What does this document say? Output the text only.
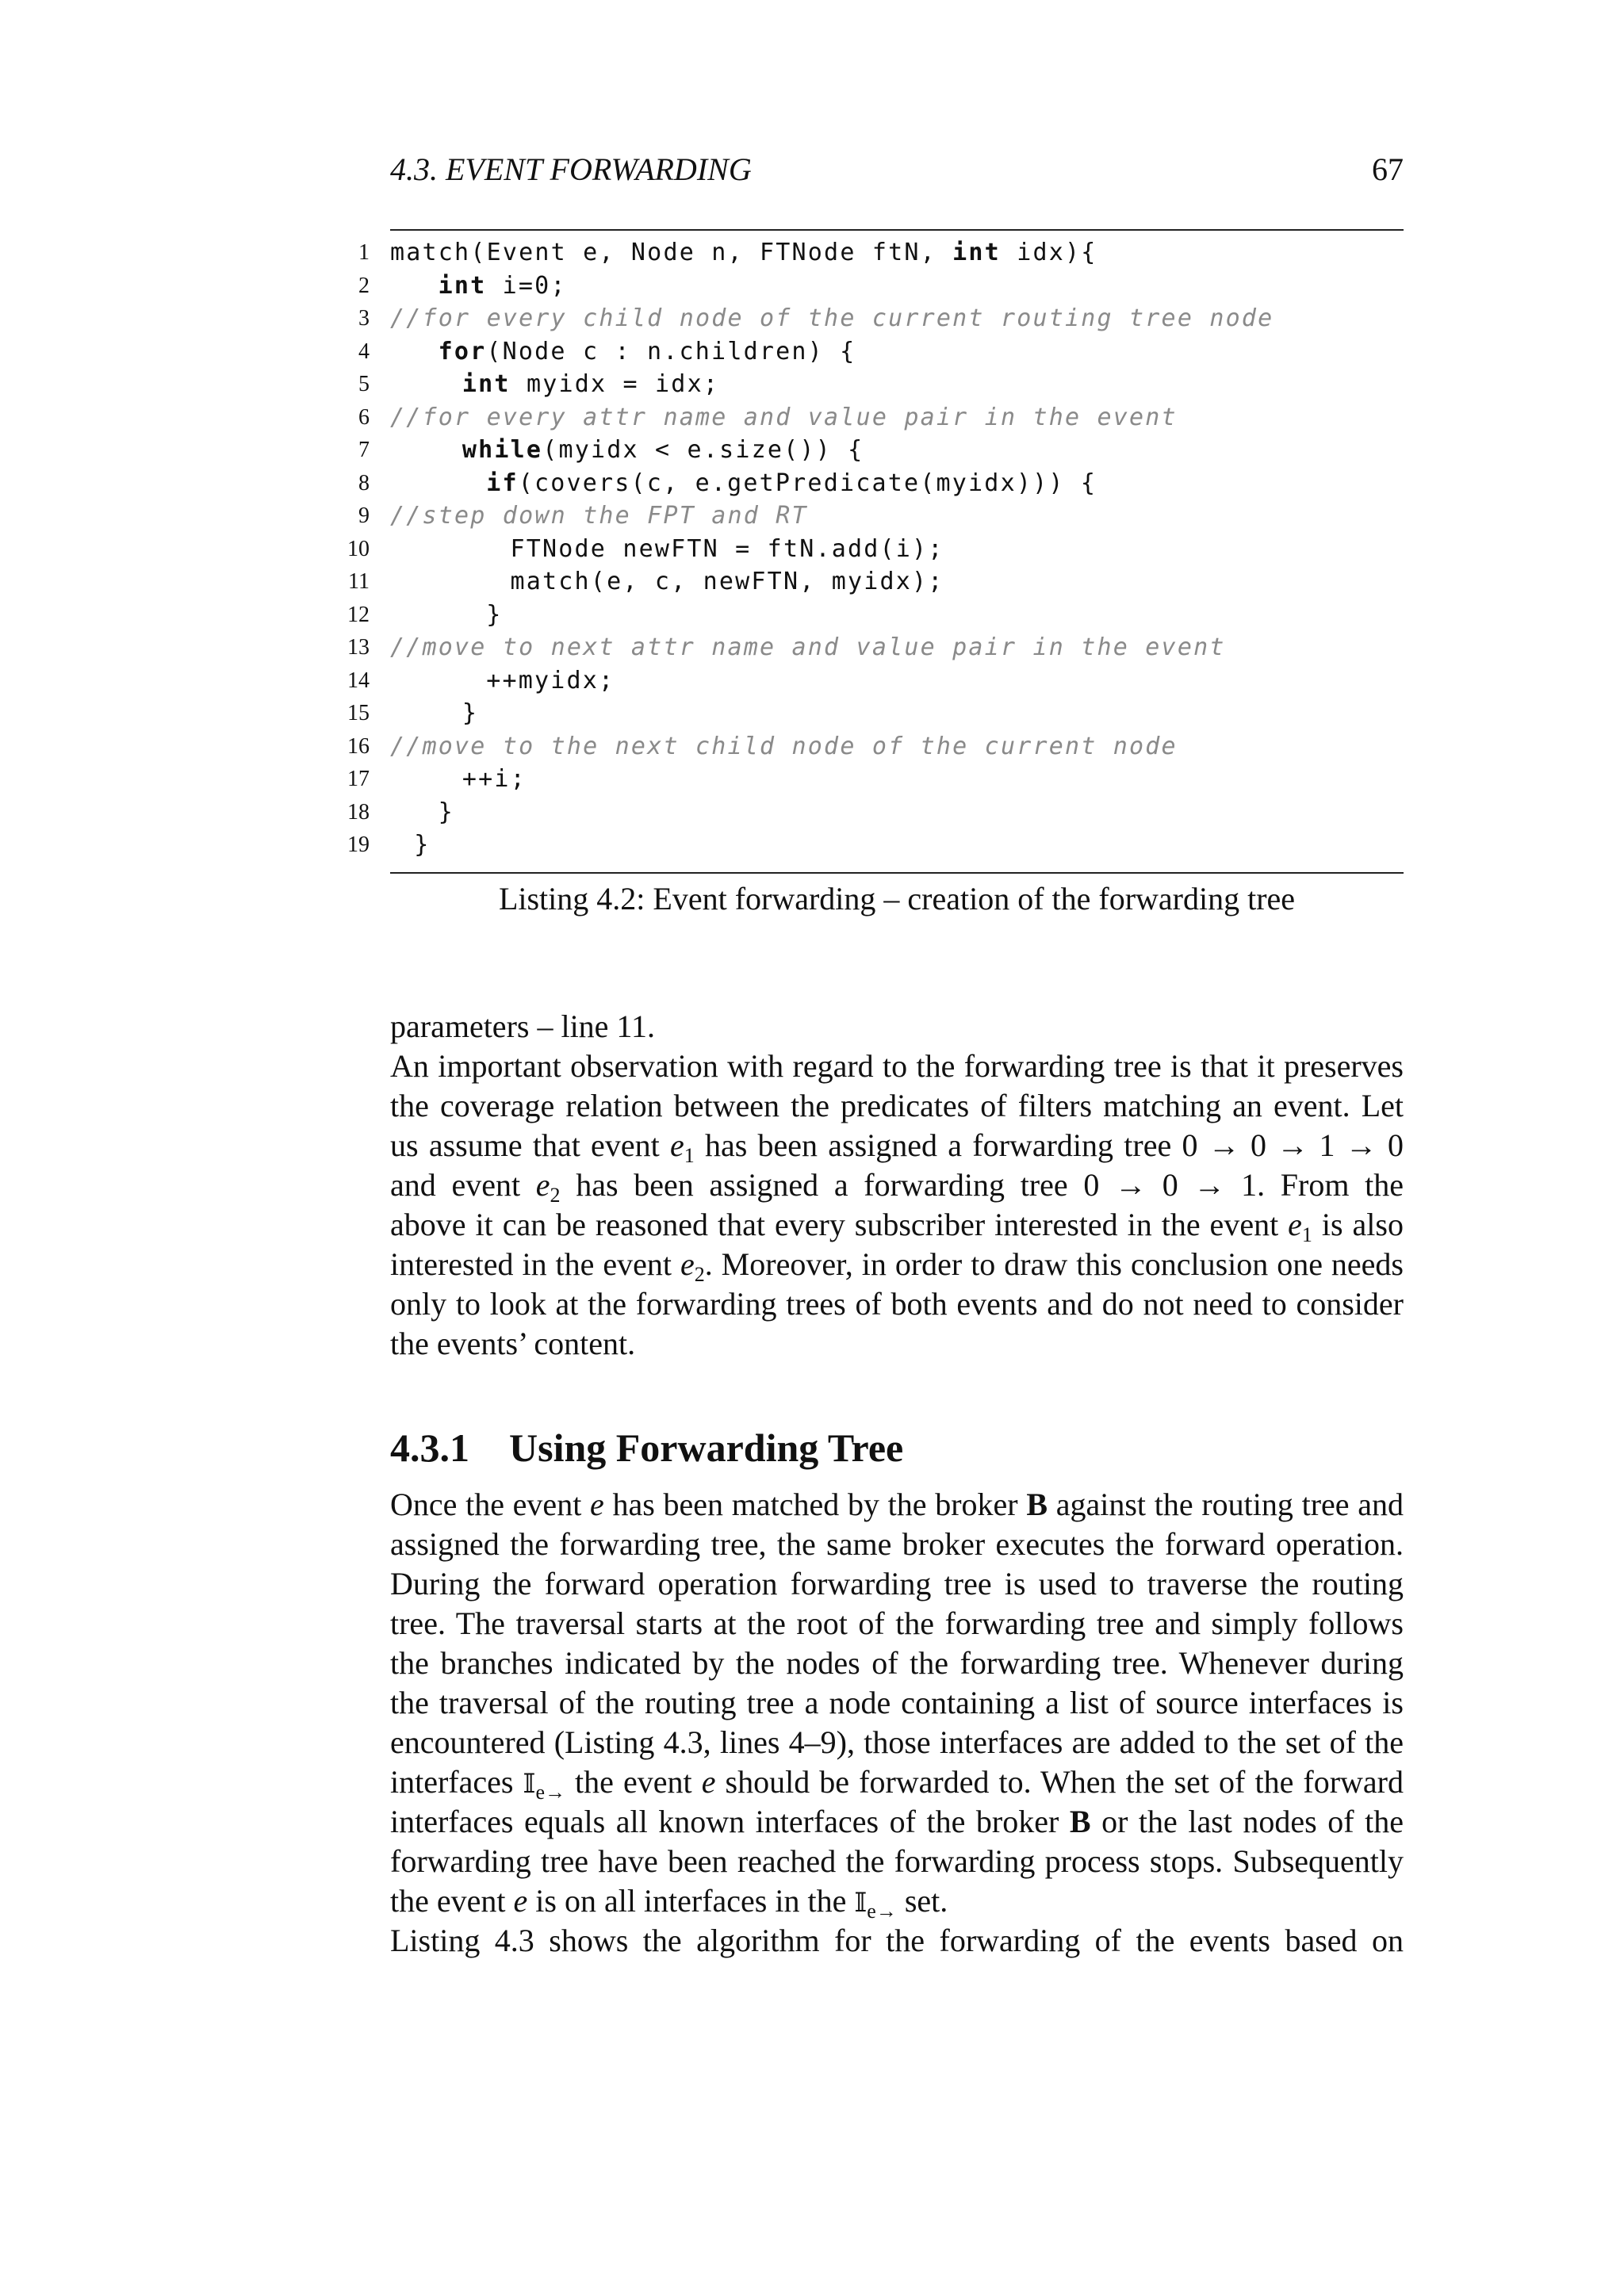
4.3. EVENT FORWARDING	67
1 match(Event e, Node n, FTNode ftN, int idx){
2	int i=0;
3 //for every child node of the current routing tree node
4	for(Node c : n.children) {
5	int myidx = idx;
6 //for every attr name and value pair in the event
7	while(myidx < e.size()) {
8	if(covers(c, e.getPredicate(myidx))) {
9 //step down the FPT and RT
10	FTNode newFTN = ftN.add(i);
11	match(e, c, newFTN, myidx);
12	}
13 //move to next attr name and value pair in the event
14	++myidx;
15	}
16 //move to the next child node of the current node
17	++i;
18	}
19 }
Listing 4.2: Event forwarding – creation of the forwarding tree
parameters – line 11.
An important observation with regard to the forwarding tree is that it preserves
the coverage relation between the predicates of filters matching an event. Let
us assume that event $e_1$ has been assigned a forwarding tree 0 → 0 → 1 → 0
and event $e_2$ has been assigned a forwarding tree 0 → 0 → 1. From the
above it can be reasoned that every subscriber interested in the event $e_1$ is also
interested in the event $e_2$. Moreover, in order to draw this conclusion one needs
only to look at the forwarding trees of both events and do not need to consider
the events’ content.
4.3.1 Using Forwarding Tree
Once the event e has been matched by the broker B against the routing tree and
assigned the forwarding tree, the same broker executes the forward operation.
During the forward operation forwarding tree is used to traverse the routing
tree. The traversal starts at the root of the forwarding tree and simply follows
the branches indicated by the nodes of the forwarding tree. Whenever during
the traversal of the routing tree a node containing a list of source interfaces is
encountered (Listing 4.3, lines 4–9), those interfaces are added to the set of the
interfaces 𝕀$_{e\to}$ the event e should be forwarded to. When the set of the forward
interfaces equals all known interfaces of the broker B or the last nodes of the
forwarding tree have been reached the forwarding process stops. Subsequently
the event e is on all interfaces in the 𝕀$_{e\to}$ set.
Listing 4.3 shows the algorithm for the forwarding of the events based on
